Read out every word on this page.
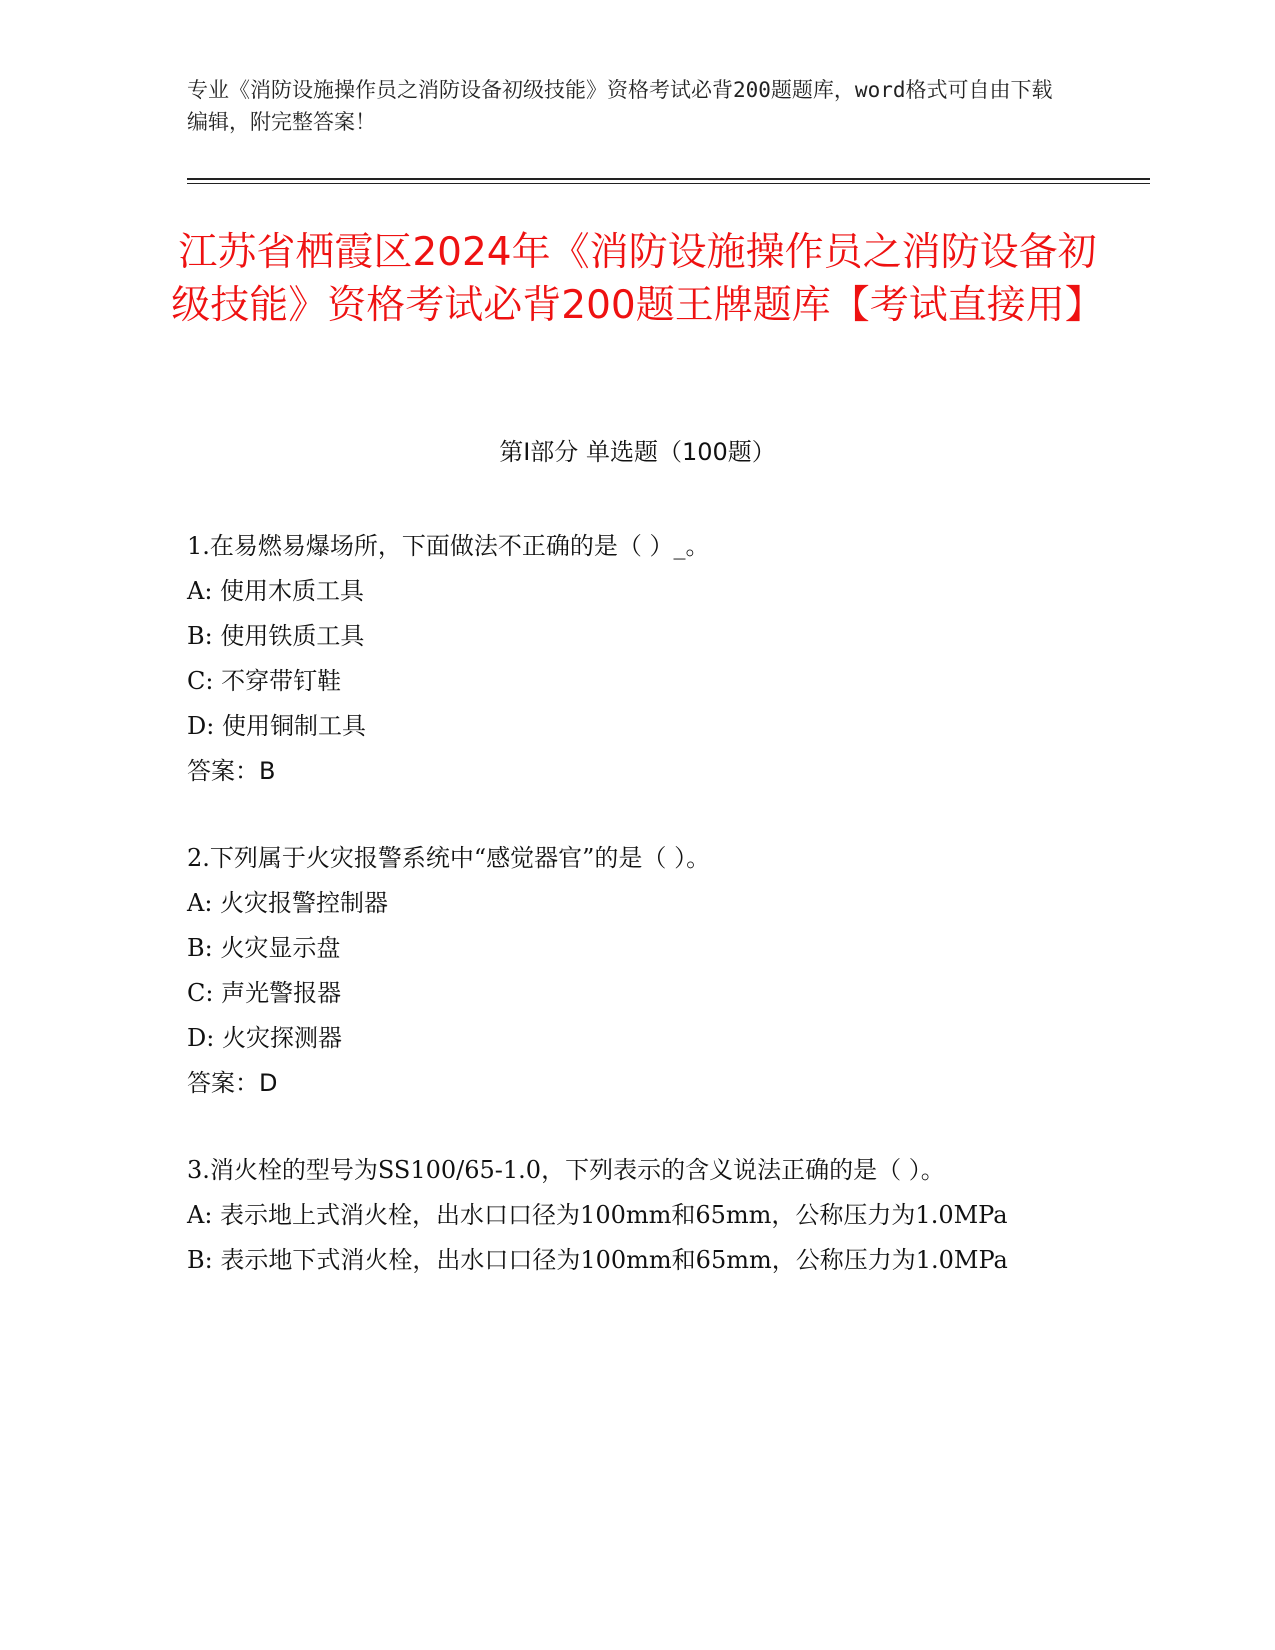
专业《消防设施操作员之消防设备初级技能》资格考试必背200题题库，word格式可自由下载编辑，附完整答案！
江苏省栖霞区2024年《消防设施操作员之消防设备初级技能》资格考试必背200题王牌题库【考试直接用】
第I部分 单选题（100题）
1.在易燃易爆场所，下面做法不正确的是（ ）_。
A: 使用木质工具
B: 使用铁质工具
C: 不穿带钉鞋
D: 使用铜制工具
答案：B
2.下列属于火灾报警系统中“感觉器官”的是（ ）。
A: 火灾报警控制器
B: 火灾显示盘
C: 声光警报器
D: 火灾探测器
答案：D
3.消火栓的型号为SS100/65-1.0，下列表示的含义说法正确的是（ ）。
A: 表示地上式消火栓，出水口口径为100mm和65mm，公称压力为1.0MPa
B: 表示地下式消火栓，出水口口径为100mm和65mm，公称压力为1.0MPa
